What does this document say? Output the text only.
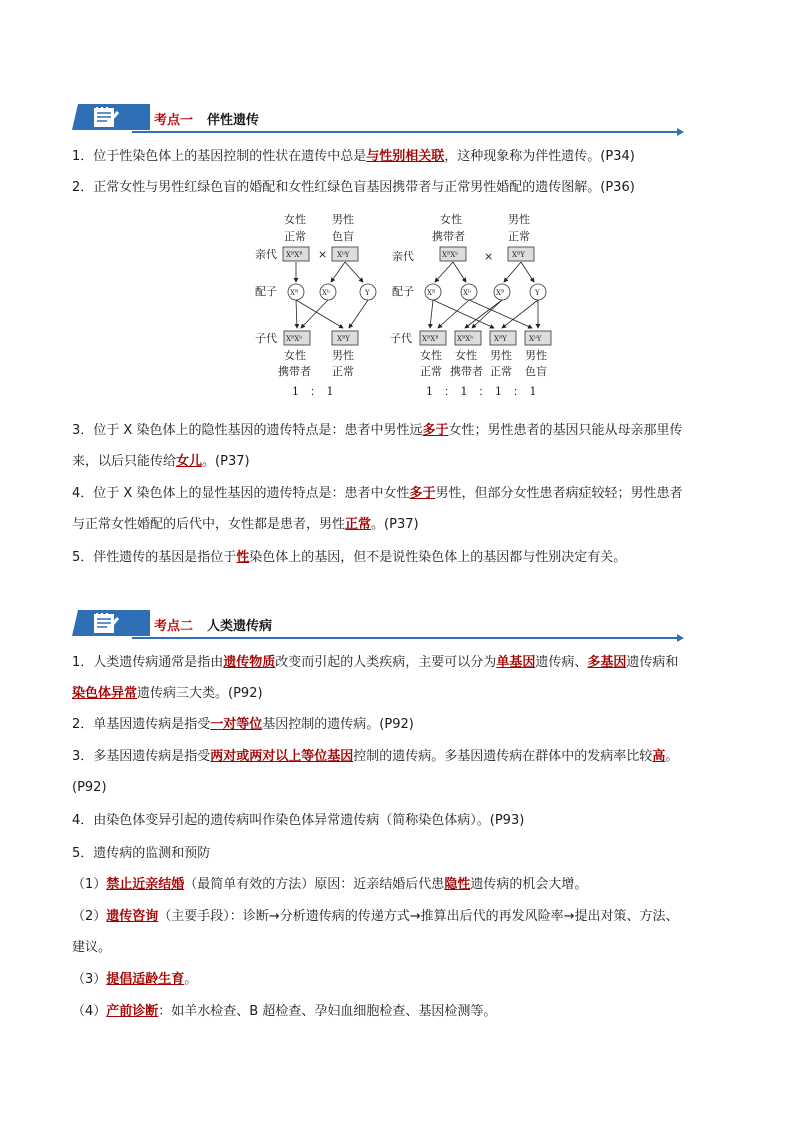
考点一 伴性遗传
1．位于性染色体上的基因控制的性状在遗传中总是与性别相关联，这种现象称为伴性遗传。(P34)
2．正常女性与男性红绿色盲的婚配和女性红绿色盲基因携带者与正常男性婚配的遗传图解。(P36)
女性
正常
男性
色盲
亲代 XᴮXᴮ × XᵇY
配子 Xᴮ	Xᵇ	Y
子代 XᴮXᵇ	XᴮY
女性
携带者
男性
正常
1　：　1
女性
携带者
男性
正常
亲代	XᴮXᵇ ×	XᴮY
配子 Xᴮ	Xᵇ	Xᴮ	Y
子代 XᴮXᴮ	XᴮXᵇ	XᴮY	XᵇY
女性
正常
女性
携带者
男性
正常
男性
色盲
1　：　1　：　1　：　1
3．位于 X 染色体上的隐性基因的遗传特点是：患者中男性远多于女性；男性患者的基因只能从母亲那里传
来，以后只能传给女儿。(P37)
4．位于 X 染色体上的显性基因的遗传特点是：患者中女性多于男性，但部分女性患者病症较轻；男性患者
与正常女性婚配的后代中，女性都是患者，男性正常。(P37)
5．伴性遗传的基因是指位于性染色体上的基因，但不是说性染色体上的基因都与性别决定有关。
考点二 人类遗传病
1．人类遗传病通常是指由遗传物质改变而引起的人类疾病，主要可以分为单基因遗传病、多基因遗传病和
染色体异常遗传病三大类。(P92)
2．单基因遗传病是指受一对等位基因控制的遗传病。(P92)
3．多基因遗传病是指受两对或两对以上等位基因控制的遗传病。多基因遗传病在群体中的发病率比较高。
(P92)
4．由染色体变异引起的遗传病叫作染色体异常遗传病（简称染色体病）。(P93)
5．遗传病的监测和预防
（1）禁止近亲结婚（最简单有效的方法）原因：近亲结婚后代患隐性遗传病的机会大增。
（2）遗传咨询（主要手段）：诊断→分析遗传病的传递方式→推算出后代的再发风险率→提出对策、方法、
建议。
（3）提倡适龄生育。
（4）产前诊断：如羊水检查、B 超检查、孕妇血细胞检查、基因检测等。
